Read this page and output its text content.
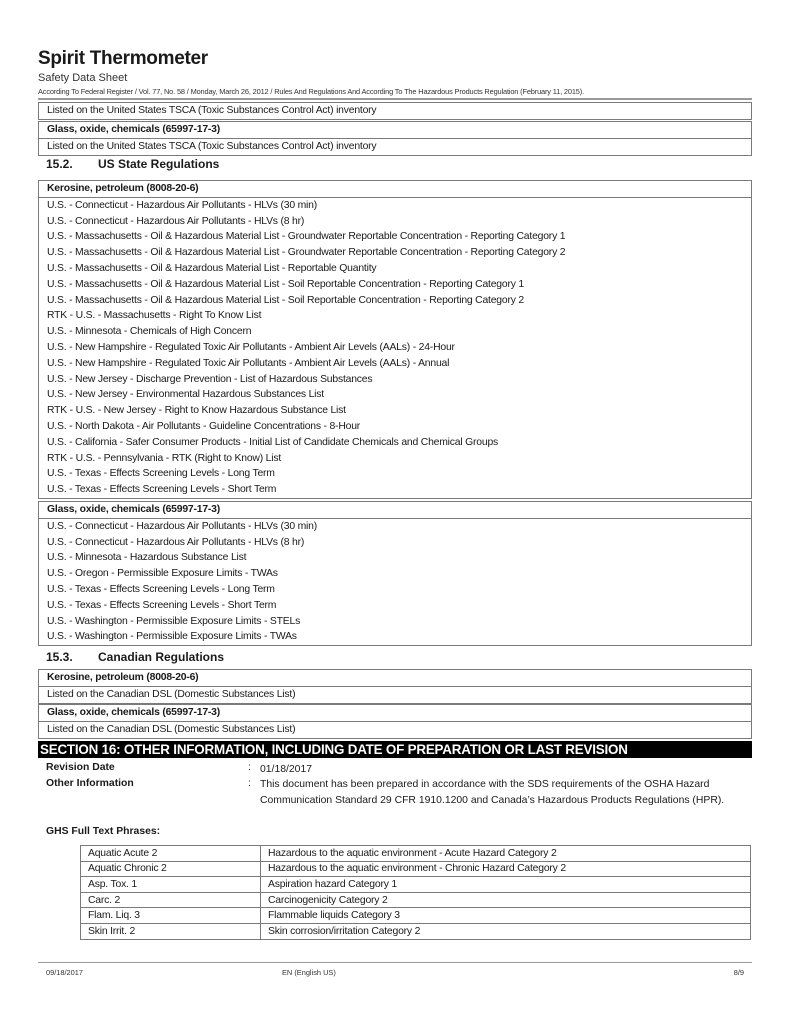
Spirit Thermometer
Safety Data Sheet
According To Federal Register / Vol. 77, No. 58 / Monday, March 26, 2012 / Rules And Regulations And According To The Hazardous Products Regulation (February 11, 2015).
Listed on the United States TSCA (Toxic Substances Control Act) inventory
Glass, oxide, chemicals (65997-17-3)
Listed on the United States TSCA (Toxic Substances Control Act) inventory
15.2. US State Regulations
Kerosine, petroleum (8008-20-6)
U.S. - Connecticut - Hazardous Air Pollutants - HLVs (30 min)
U.S. - Connecticut - Hazardous Air Pollutants - HLVs (8 hr)
U.S. - Massachusetts - Oil & Hazardous Material List - Groundwater Reportable Concentration - Reporting Category 1
U.S. - Massachusetts - Oil & Hazardous Material List - Groundwater Reportable Concentration - Reporting Category 2
U.S. - Massachusetts - Oil & Hazardous Material List - Reportable Quantity
U.S. - Massachusetts - Oil & Hazardous Material List - Soil Reportable Concentration - Reporting Category 1
U.S. - Massachusetts - Oil & Hazardous Material List - Soil Reportable Concentration - Reporting Category 2
RTK - U.S. - Massachusetts - Right To Know List
U.S. - Minnesota - Chemicals of High Concern
U.S. - New Hampshire - Regulated Toxic Air Pollutants - Ambient Air Levels (AALs) - 24-Hour
U.S. - New Hampshire - Regulated Toxic Air Pollutants - Ambient Air Levels (AALs) - Annual
U.S. - New Jersey - Discharge Prevention - List of Hazardous Substances
U.S. - New Jersey - Environmental Hazardous Substances List
RTK - U.S. - New Jersey - Right to Know Hazardous Substance List
U.S. - North Dakota - Air Pollutants - Guideline Concentrations - 8-Hour
U.S. - California - Safer Consumer Products - Initial List of Candidate Chemicals and Chemical Groups
RTK - U.S. - Pennsylvania - RTK (Right to Know) List
U.S. - Texas - Effects Screening Levels - Long Term
U.S. - Texas - Effects Screening Levels - Short Term
Glass, oxide, chemicals (65997-17-3)
U.S. - Connecticut - Hazardous Air Pollutants - HLVs (30 min)
U.S. - Connecticut - Hazardous Air Pollutants - HLVs (8 hr)
U.S. - Minnesota - Hazardous Substance List
U.S. - Oregon - Permissible Exposure Limits - TWAs
U.S. - Texas - Effects Screening Levels - Long Term
U.S. - Texas - Effects Screening Levels - Short Term
U.S. - Washington - Permissible Exposure Limits - STELs
U.S. - Washington - Permissible Exposure Limits - TWAs
15.3. Canadian Regulations
Kerosine, petroleum (8008-20-6)
Listed on the Canadian DSL (Domestic Substances List)
Glass, oxide, chemicals (65997-17-3)
Listed on the Canadian DSL (Domestic Substances List)
SECTION 16: OTHER INFORMATION, INCLUDING DATE OF PREPARATION OR LAST REVISION
Revision Date	: 01/18/2017
Other Information	: This document has been prepared in accordance with the SDS requirements of the OSHA Hazard Communication Standard 29 CFR 1910.1200 and Canada’s Hazardous Products Regulations (HPR).
GHS Full Text Phrases:
Aquatic Acute 2	Hazardous to the aquatic environment - Acute Hazard Category 2
Aquatic Chronic 2	Hazardous to the aquatic environment - Chronic Hazard Category 2
Asp. Tox. 1	Aspiration hazard Category 1
Carc. 2	Carcinogenicity Category 2
Flam. Liq. 3	Flammable liquids Category 3
Skin Irrit. 2	Skin corrosion/irritation Category 2
09/18/2017	EN (English US)	8/9
